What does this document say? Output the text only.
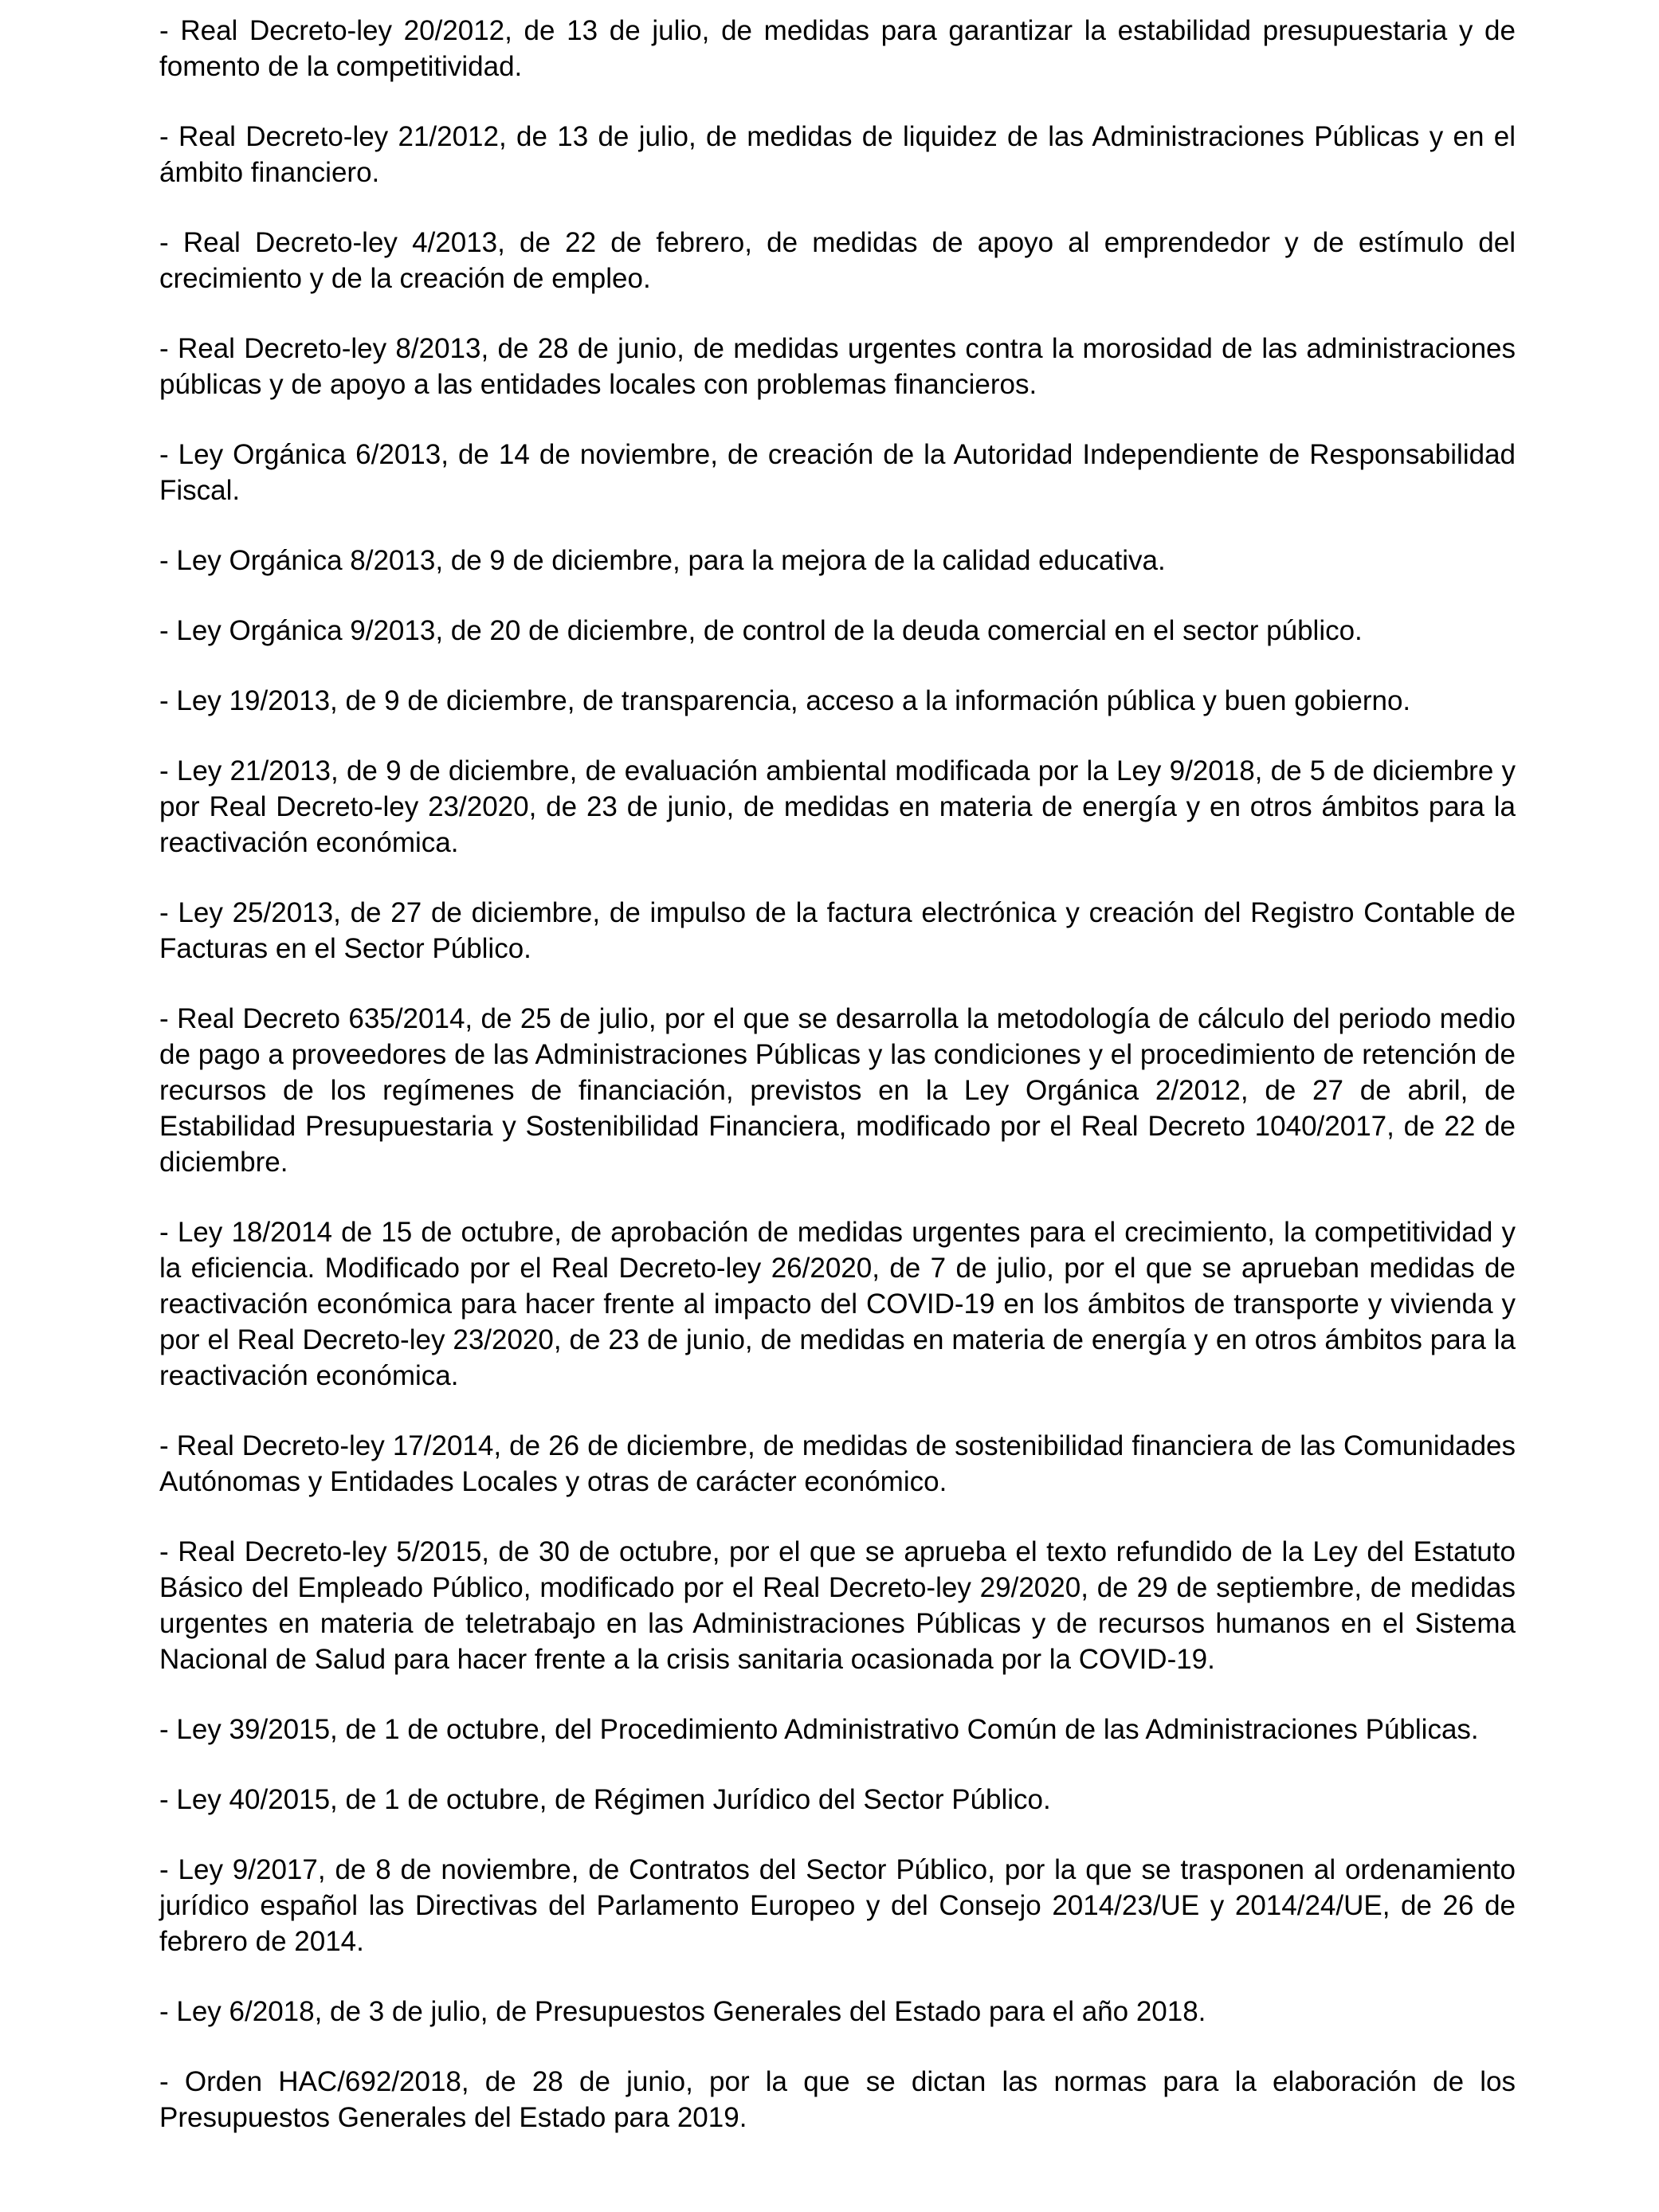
- Real Decreto-ley 20/2012, de 13 de julio, de medidas para garantizar la estabilidad presupuestaria y de fomento de la competitividad.

- Real Decreto-ley 21/2012, de 13 de julio, de medidas de liquidez de las Administraciones Públicas y en el ámbito financiero.

- Real Decreto-ley 4/2013, de 22 de febrero, de medidas de apoyo al emprendedor y de estímulo del crecimiento y de la creación de empleo.

- Real Decreto-ley 8/2013, de 28 de junio, de medidas urgentes contra la morosidad de las administraciones públicas y de apoyo a las entidades locales con problemas financieros.

- Ley Orgánica 6/2013, de 14 de noviembre, de creación de la Autoridad Independiente de Responsabilidad Fiscal.

- Ley Orgánica 8/2013, de 9 de diciembre, para la mejora de la calidad educativa.

- Ley Orgánica 9/2013, de 20 de diciembre, de control de la deuda comercial en el sector público.

- Ley 19/2013, de 9 de diciembre, de transparencia, acceso a la información pública y buen gobierno.

- Ley 21/2013, de 9 de diciembre, de evaluación ambiental modificada por la Ley 9/2018, de 5 de diciembre y por Real Decreto-ley 23/2020, de 23 de junio, de medidas en materia de energía y en otros ámbitos para la reactivación económica.

- Ley 25/2013, de 27 de diciembre, de impulso de la factura electrónica y creación del Registro Contable de Facturas en el Sector Público.

- Real Decreto 635/2014, de 25 de julio, por el que se desarrolla la metodología de cálculo del periodo medio de pago a proveedores de las Administraciones Públicas y las condiciones y el procedimiento de retención de recursos de los regímenes de financiación, previstos en la Ley Orgánica 2/2012, de 27 de abril, de Estabilidad Presupuestaria y Sostenibilidad Financiera, modificado por el Real Decreto 1040/2017, de 22 de diciembre.

- Ley 18/2014 de 15 de octubre, de aprobación de medidas urgentes para el crecimiento, la competitividad y la eficiencia. Modificado por el Real Decreto-ley 26/2020, de 7 de julio, por el que se aprueban medidas de reactivación económica para hacer frente al impacto del COVID-19 en los ámbitos de transporte y vivienda y por el Real Decreto-ley 23/2020, de 23 de junio, de medidas en materia de energía y en otros ámbitos para la reactivación económica.

- Real Decreto-ley 17/2014, de 26 de diciembre, de medidas de sostenibilidad financiera de las Comunidades Autónomas y Entidades Locales y otras de carácter económico.

- Real Decreto-ley 5/2015, de 30 de octubre, por el que se aprueba el texto refundido de la Ley del Estatuto Básico del Empleado Público, modificado por el Real Decreto-ley 29/2020, de 29 de septiembre, de medidas urgentes en materia de teletrabajo en las Administraciones Públicas y de recursos humanos en el Sistema Nacional de Salud para hacer frente a la crisis sanitaria ocasionada por la COVID-19.

- Ley 39/2015, de 1 de octubre, del Procedimiento Administrativo Común de las Administraciones Públicas.

- Ley 40/2015, de 1 de octubre, de Régimen Jurídico del Sector Público.

- Ley 9/2017, de 8 de noviembre, de Contratos del Sector Público, por la que se trasponen al ordenamiento jurídico español las Directivas del Parlamento Europeo y del Consejo 2014/23/UE y 2014/24/UE, de 26 de febrero de 2014.

- Ley 6/2018, de 3 de julio, de Presupuestos Generales del Estado para el año 2018.

- Orden HAC/692/2018, de 28 de junio, por la que se dictan las normas para la elaboración de los Presupuestos Generales del Estado para 2019.
